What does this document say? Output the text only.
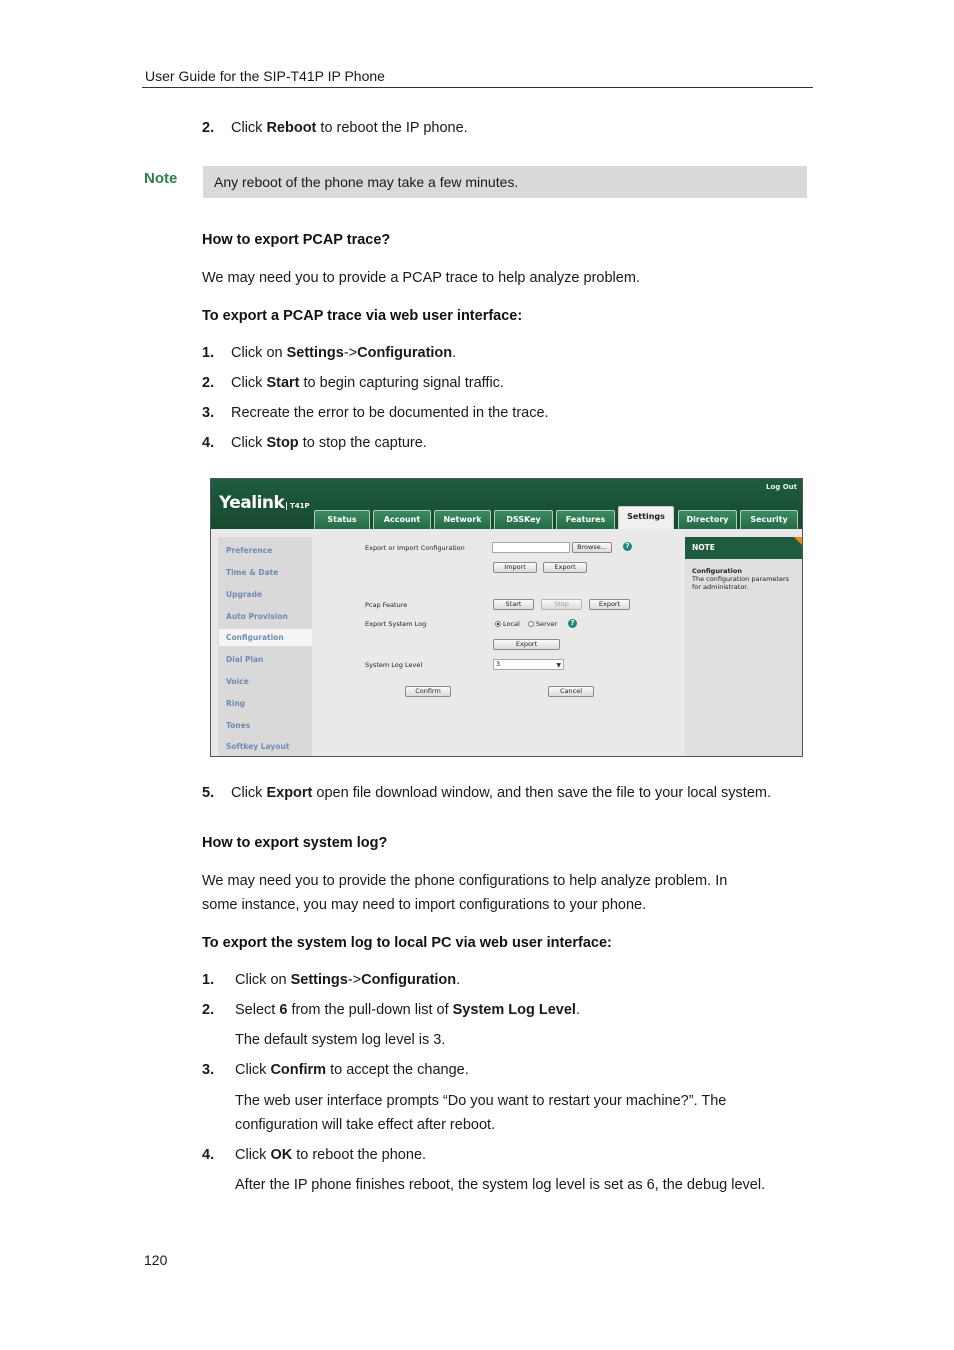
User Guide for the SIP-T41P IP Phone
2. Click Reboot to reboot the IP phone.
Note	Any reboot of the phone may take a few minutes.
How to export PCAP trace?
We may need you to provide a PCAP trace to help analyze problem.
To export a PCAP trace via web user interface:
1. Click on Settings->Configuration.
2. Click Start to begin capturing signal traffic.
3. Recreate the error to be documented in the trace.
4. Click Stop to stop the capture.
Log Out
Yealink T41P
Status	Account	Network	DSSKey	Features	Settings	Directory	Security
Preference
Time & Date
Upgrade
Auto Provision
Configuration
Dial Plan
Voice
Ring
Tones
Softkey Layout
Export or Import Configuration	Browse...	?
Import	Export
Pcap Feature	Start	Stop	Export
Export System Log	Local	Server	?
Export
System Log Level	3	▼
Confirm	Cancel
NOTE
Configuration
The configuration parameters
for administrator.
5. Click Export open file download window, and then save the file to your local system.
How to export system log?
We may need you to provide the phone configurations to help analyze problem. In
some instance, you may need to import configurations to your phone.
To export the system log to local PC via web user interface:
1. Click on Settings->Configuration.
2. Select 6 from the pull-down list of System Log Level.
The default system log level is 3.
3. Click Confirm to accept the change.
The web user interface prompts “Do you want to restart your machine?”. The
configuration will take effect after reboot.
4. Click OK to reboot the phone.
After the IP phone finishes reboot, the system log level is set as 6, the debug level.
120
